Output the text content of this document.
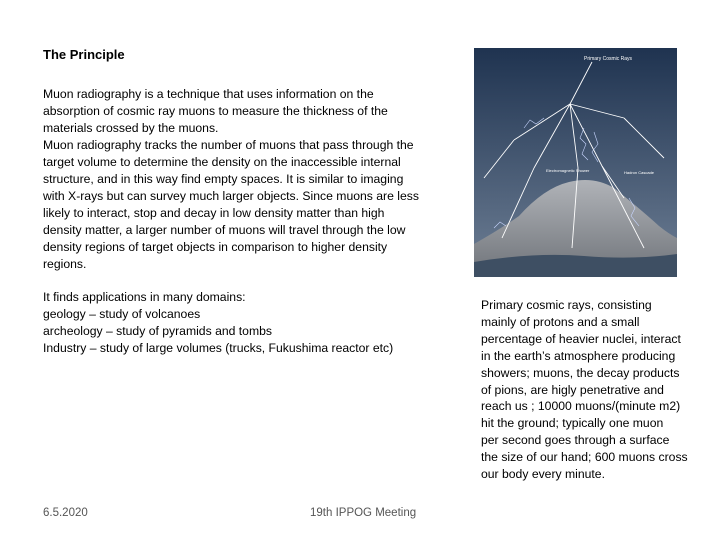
The Principle
Muon radiography is a technique that uses information on the
absorption of cosmic ray muons to measure the thickness of the
materials crossed by the muons.
Muon radiography tracks the number of muons that pass through the
target volume to determine the density on the inaccessible internal
structure, and in this way find empty spaces. It is similar to imaging
with X-rays but can survey much larger objects. Since muons are less
likely to interact, stop and decay in low density matter than high
density matter, a larger number of muons will travel through the low
density regions of target objects in comparison to higher density
regions.
It finds applications in many domains:
geology – study of volcanoes
archeology – study of pyramids and tombs
Industry – study of large volumes (trucks, Fukushima reactor etc)
Primary Cosmic Rays
Electromagnetic Shower	Hadron Cascade
Primary cosmic rays, consisting
mainly of protons and a small
percentage of heavier nuclei, interact
in the earth’s atmosphere producing
showers; muons, the decay products
of pions, are higly penetrative and
reach us ; 10000 muons/(minute m2)
hit the ground; typically one muon
per second goes through a surface
the size of our hand; 600 muons cross
our body every minute.
6.5.2020	19th IPPOG Meeting
